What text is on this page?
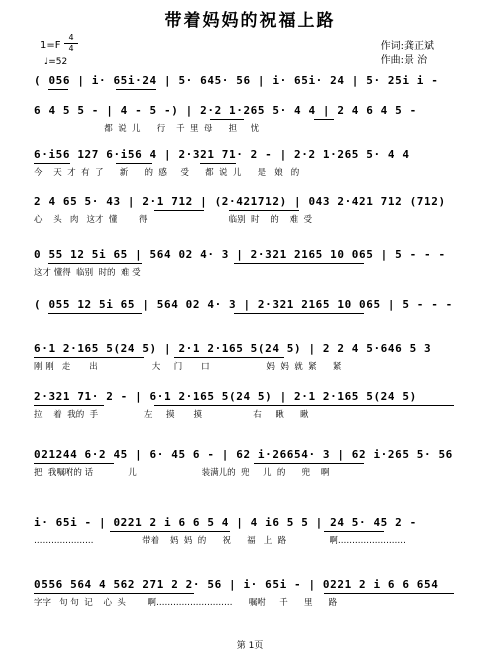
带着妈妈的祝福上路
1=F
4
4
♩=52
作词:龚正斌
作曲:景 治
( 056 | i· 65i·24 | 5· 645· 56 | i· 65i· 24 | 5· 25i i ‑
6 4 5 5 ‑ | 4 ‑ 5 ‑) | 2·2 1·265 5· 4 4 | 2 4 6 4 5 ‑
都  说  儿      行    千  里  母      担     忧
6·i56 127 6·i56 4 | 2·321 71· 2 ‑ | 2·2 1·265 5· 4 4
今    天  才  有  了      新      的  感     受      都  说  儿      是   娘   的
2 4 65 5· 43 | 2·1 712 | (2·421712) | 043 2·421 712 (712)
心    头   肉   这才  懂        得                              临别  时    的    难  受
0 55 12 5i 65 | 564 02 4· 3 | 2·321 2165 10 065 | 5 ‑ ‑ ‑
这才 懂得  临别  时的  难 受
( 055 12 5i 65 | 564 02 4· 3 | 2·321 2165 10 065 | 5 ‑ ‑ ‑
6·1 2·165 5(24 5) | 2·1 2·165 5(24 5) | 2 2 4 5·646 5 3
刚 刚   走       出                    大     门       口                     妈  妈  就  紧      紧
2·321 71· 2 ‑ | 6·1 2·165 5(24 5) | 2·1 2·165 5(24 5)
拉    着  我的  手                 左     摸       摸                   右     瞅      瞅
021244 6·2 45 | 6· 45 6 ‑ | 62 i·26654· 3 | 62 i·265 5· 56
把  我嘱咐的 话             儿                        装满儿的  兜     儿  的      兜    啊
i· 65i ‑ | 0221 2 i 6 6 5 4 | 4 i6 5 5 | 24 5· 45 2 ‑
…………………                  带着    妈  妈  的      祝      福   上  路                啊……………………
0556 564 4 562 271 2 2· 56 | i· 65i ‑ | 0221 2 i 6 6 654
字字   句 句  记    心  头        啊………………………      嘱咐     千      里      路
第 1页
